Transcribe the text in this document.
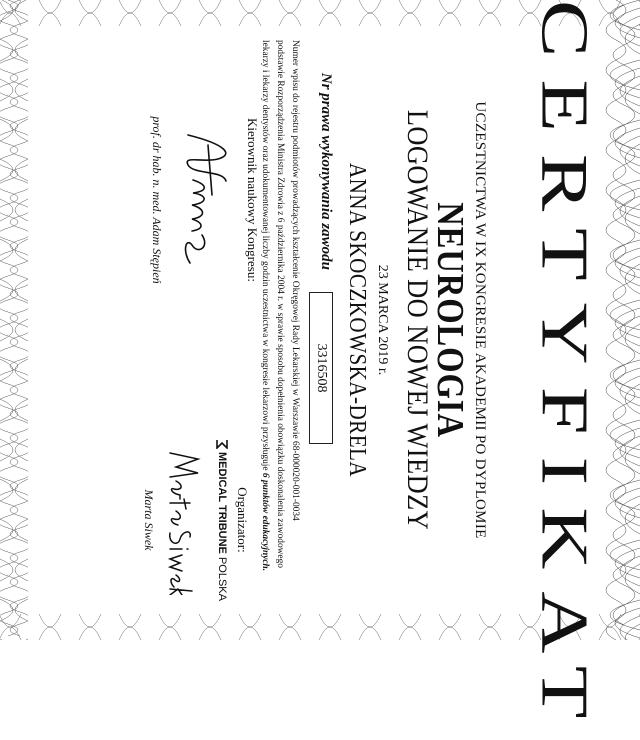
CERTYFIKAT
UCZESTNICTWA W IX KONGRESIE AKADEMII PO DYPLOMIE
NEUROLOGIA
LOGOWANIE DO NOWEJ WIEDZY
23 MARCA 2019 r.
ANNA SKOCZKOWSKA-DRELA
Nr prawa wykonywania zawodu
3316508
Numer wpisu do rejestru podmiotów prowadzących kształcenie Okręgowej Rady Lekarskiej w Warszawie 68-000020-001-0034
podstawie Rozporządzenia Ministra Zdrowia z 6 października 2004 r. w sprawie sposobu dopełnienia obowiązku doskonalenia zawodowego
lekarzy i lekarzy dentystów oraz udokumentowanej liczby godzin uczestnictwa w kongresie lekarzowi przysługuje 6 punktów edukacyjnych.
Kierownik naukowy Kongresu:
prof. dr hab. n. med. Adam Stępień
Organizator:
MEDICAL TRIBUNE POLSKA
Marta Siwek
